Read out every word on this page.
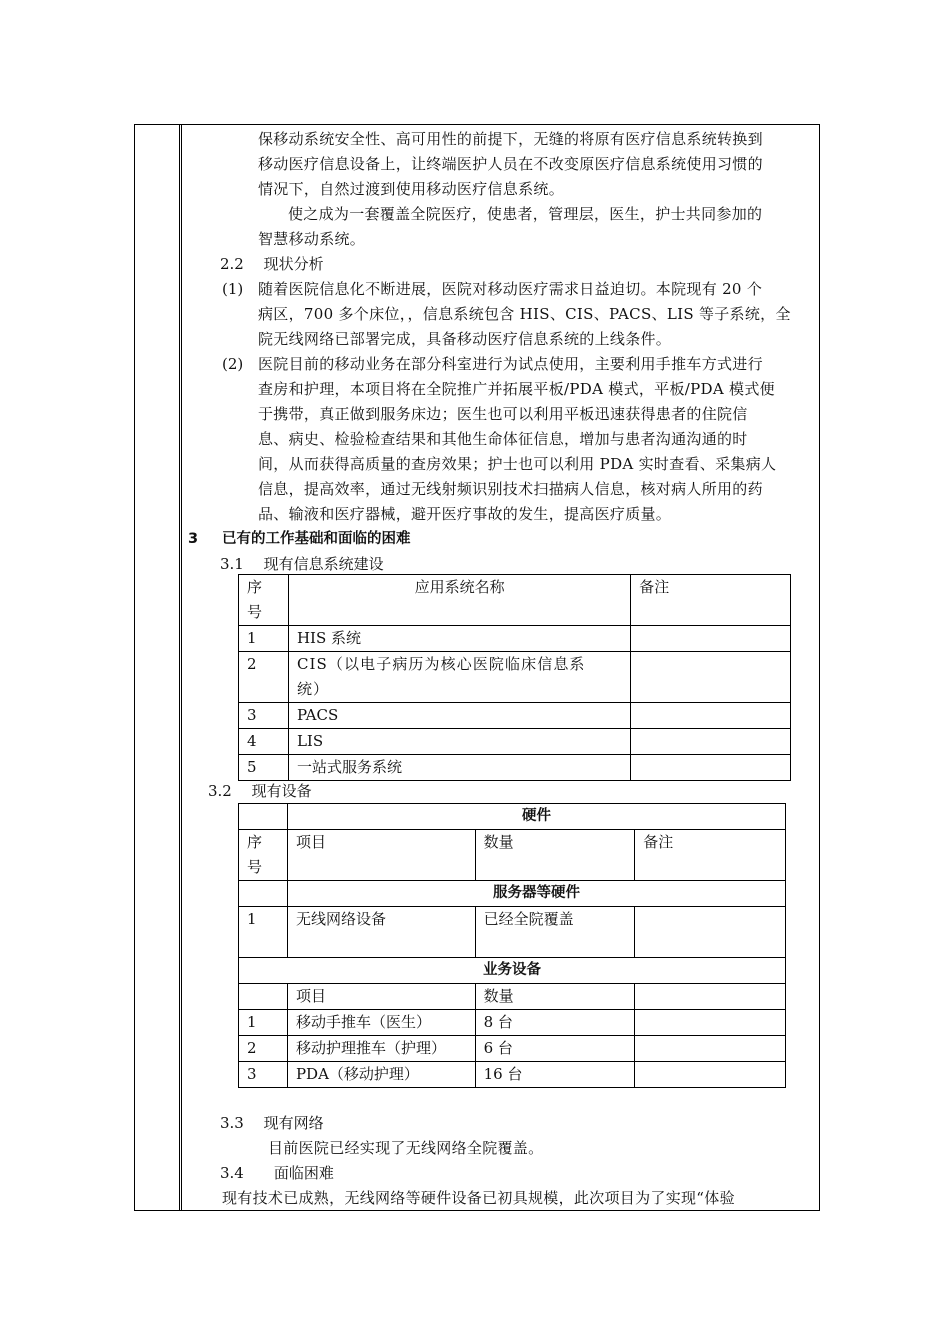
保移动系统安全性、高可用性的前提下，无缝的将原有医疗信息系统转换到
移动医疗信息设备上，让终端医护人员在不改变原医疗信息系统使用习惯的
情况下，自然过渡到使用移动医疗信息系统。
使之成为一套覆盖全院医疗，使患者，管理层，医生，护士共同参加的
智慧移动系统。
2.2　 现状分析
(1) 随着医院信息化不断进展，医院对移动医疗需求日益迫切。本院现有 20 个
病区，700 多个床位，，信息系统包含 HIS、CIS、PACS、LIS 等子系统，全
院无线网络已部署完成，具备移动医疗信息系统的上线条件。
(2) 医院目前的移动业务在部分科室进行为试点使用，主要利用手推车方式进行
查房和护理，本项目将在全院推广并拓展平板/PDA 模式，平板/PDA 模式便
于携带，真正做到服务床边；医生也可以利用平板迅速获得患者的住院信
息、病史、检验检查结果和其他生命体征信息，增加与患者沟通沟通的时
间，从而获得高质量的查房效果；护士也可以利用 PDA 实时查看、采集病人
信息，提高效率，通过无线射频识别技术扫描病人信息，核对病人所用的药
品、输液和医疗器械，避开医疗事故的发生，提高医疗质量。
3 已有的工作基础和面临的困难
3.1　 现有信息系统建设
序
号	应用系统名称	备注
1	HIS 系统	
2	CIS（以电子病历为核心医院临床信息系
统）	
3	PACS	
4	LIS	
5	一站式服务系统	
3.2　 现有设备
	硬件		
序
号	项目	数量	备注
	服务器等硬件		
1	无线网络设备	已经全院覆盖	
业务设备			
	项目	数量	
1	移动手推车（医生）	8 台	
2	移动护理推车（护理）	6 台	
3	PDA（移动护理）	16 台	
3.3　 现有网络
目前医院已经实现了无线网络全院覆盖。
3.4　　面临困难
现有技术已成熟，无线网络等硬件设备已初具规模，此次项目为了实现“体验
